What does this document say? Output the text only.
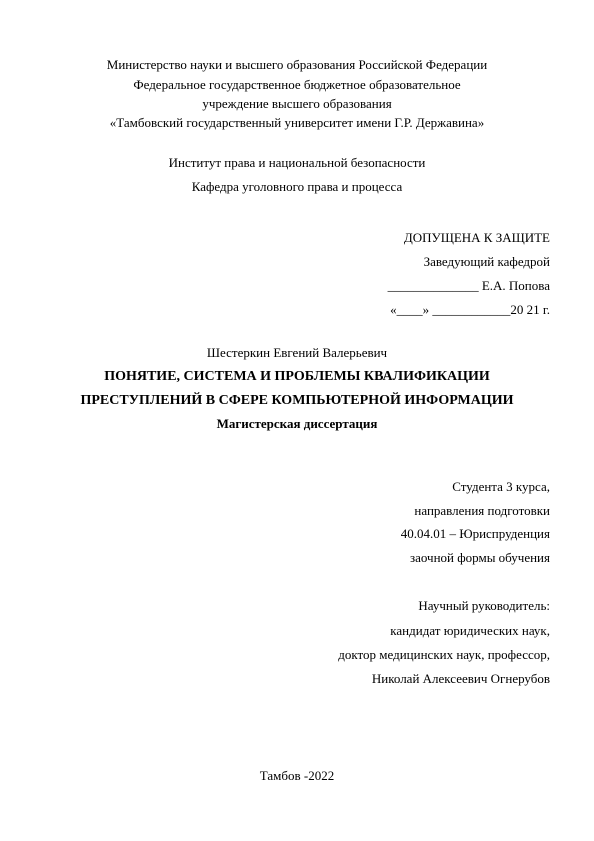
Министерство науки и высшего образования Российской Федерации
Федеральное государственное бюджетное образовательное
учреждение высшего образования
«Тамбовский государственный университет имени Г.Р. Державина»
Институт права и национальной безопасности
Кафедра уголовного права и процесса
ДОПУЩЕНА К ЗАЩИТЕ
Заведующий кафедрой
______________ Е.А. Попова
«____» ____________20 21 г.
Шестеркин Евгений Валерьевич
ПОНЯТИЕ, СИСТЕМА И ПРОБЛЕМЫ КВАЛИФИКАЦИИ
ПРЕСТУПЛЕНИЙ В СФЕРЕ КОМПЬЮТЕРНОЙ ИНФОРМАЦИИ
Магистерская диссертация
Студента 3 курса,
направления подготовки
40.04.01 – Юриспруденция
заочной формы обучения
Научный руководитель:
кандидат юридических наук,
доктор медицинских наук, профессор,
Николай Алексеевич Огнерубов
Тамбов -2022
